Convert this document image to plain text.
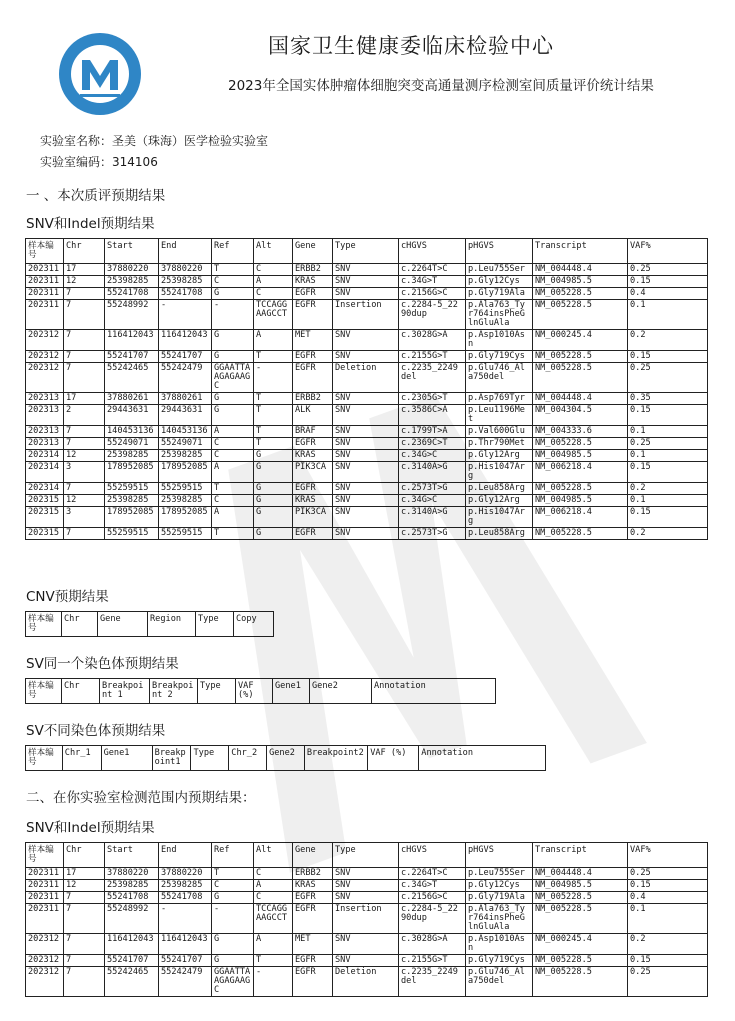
国家卫生健康委临床检验中心
2023年全国实体肿瘤体细胞突变高通量测序检测室间质量评价统计结果
实验室名称：圣美（珠海）医学检验实验室
实验室编码：314106
一 、本次质评预期结果
SNV和Indel预期结果
样本编号	Chr	Start	End	Ref	Alt	Gene	Type	cHGVS	pHGVS	Transcript	VAF%
202311	17	37880220	37880220	T	C	ERBB2	SNV	c.2264T>C	p.Leu755Ser	NM_004448.4	0.25
202311	12	25398285	25398285	C	A	KRAS	SNV	c.34G>T	p.Gly12Cys	NM_004985.5	0.15
202311	7	55241708	55241708	G	C	EGFR	SNV	c.2156G>C	p.Gly719Ala	NM_005228.5	0.4
202311	7	55248992	-	-	TCCAGGAAGCCT	EGFR	Insertion	c.2284-5_2290dup	p.Ala763_Tyr764insPheGlnGluAla	NM_005228.5	0.1
202312	7	116412043	116412043	G	A	MET	SNV	c.3028G>A	p.Asp1010Asn	NM_000245.4	0.2
202312	7	55241707	55241707	G	T	EGFR	SNV	c.2155G>T	p.Gly719Cys	NM_005228.5	0.15
202312	7	55242465	55242479	GGAATTAAGAGAAGC	-	EGFR	Deletion	c.2235_2249del	p.Glu746_Ala750del	NM_005228.5	0.25
202313	17	37880261	37880261	G	T	ERBB2	SNV	c.2305G>T	p.Asp769Tyr	NM_004448.4	0.35
202313	2	29443631	29443631	G	T	ALK	SNV	c.3586C>A	p.Leu1196Met	NM_004304.5	0.15
202313	7	140453136	140453136	A	T	BRAF	SNV	c.1799T>A	p.Val600Glu	NM_004333.6	0.1
202313	7	55249071	55249071	C	T	EGFR	SNV	c.2369C>T	p.Thr790Met	NM_005228.5	0.25
202314	12	25398285	25398285	C	G	KRAS	SNV	c.34G>C	p.Gly12Arg	NM_004985.5	0.1
202314	3	178952085	178952085	A	G	PIK3CA	SNV	c.3140A>G	p.His1047Arg	NM_006218.4	0.15
202314	7	55259515	55259515	T	G	EGFR	SNV	c.2573T>G	p.Leu858Arg	NM_005228.5	0.2
202315	12	25398285	25398285	C	G	KRAS	SNV	c.34G>C	p.Gly12Arg	NM_004985.5	0.1
202315	3	178952085	178952085	A	G	PIK3CA	SNV	c.3140A>G	p.His1047Arg	NM_006218.4	0.15
202315	7	55259515	55259515	T	G	EGFR	SNV	c.2573T>G	p.Leu858Arg	NM_005228.5	0.2
CNV预期结果
样本编号	Chr	Gene	Region	Type	Copy
SV同一个染色体预期结果
样本编号	Chr	Breakpoint 1	Breakpoint 2	Type	VAF (%)	Gene1	Gene2	Annotation
SV不同染色体预期结果
样本编号	Chr_1	Gene1	Breakpoint1	Type	Chr_2	Gene2	Breakpoint2	VAF (%)	Annotation
二、在你实验室检测范围内预期结果：
SNV和Indel预期结果
样本编号	Chr	Start	End	Ref	Alt	Gene	Type	cHGVS	pHGVS	Transcript	VAF%
202311	17	37880220	37880220	T	C	ERBB2	SNV	c.2264T>C	p.Leu755Ser	NM_004448.4	0.25
202311	12	25398285	25398285	C	A	KRAS	SNV	c.34G>T	p.Gly12Cys	NM_004985.5	0.15
202311	7	55241708	55241708	G	C	EGFR	SNV	c.2156G>C	p.Gly719Ala	NM_005228.5	0.4
202311	7	55248992	-	-	TCCAGGAAGCCT	EGFR	Insertion	c.2284-5_2290dup	p.Ala763_Tyr764insPheGlnGluAla	NM_005228.5	0.1
202312	7	116412043	116412043	G	A	MET	SNV	c.3028G>A	p.Asp1010Asn	NM_000245.4	0.2
202312	7	55241707	55241707	G	T	EGFR	SNV	c.2155G>T	p.Gly719Cys	NM_005228.5	0.15
202312	7	55242465	55242479	GGAATTAAGAGAAGC	-	EGFR	Deletion	c.2235_2249del	p.Glu746_Ala750del	NM_005228.5	0.25
